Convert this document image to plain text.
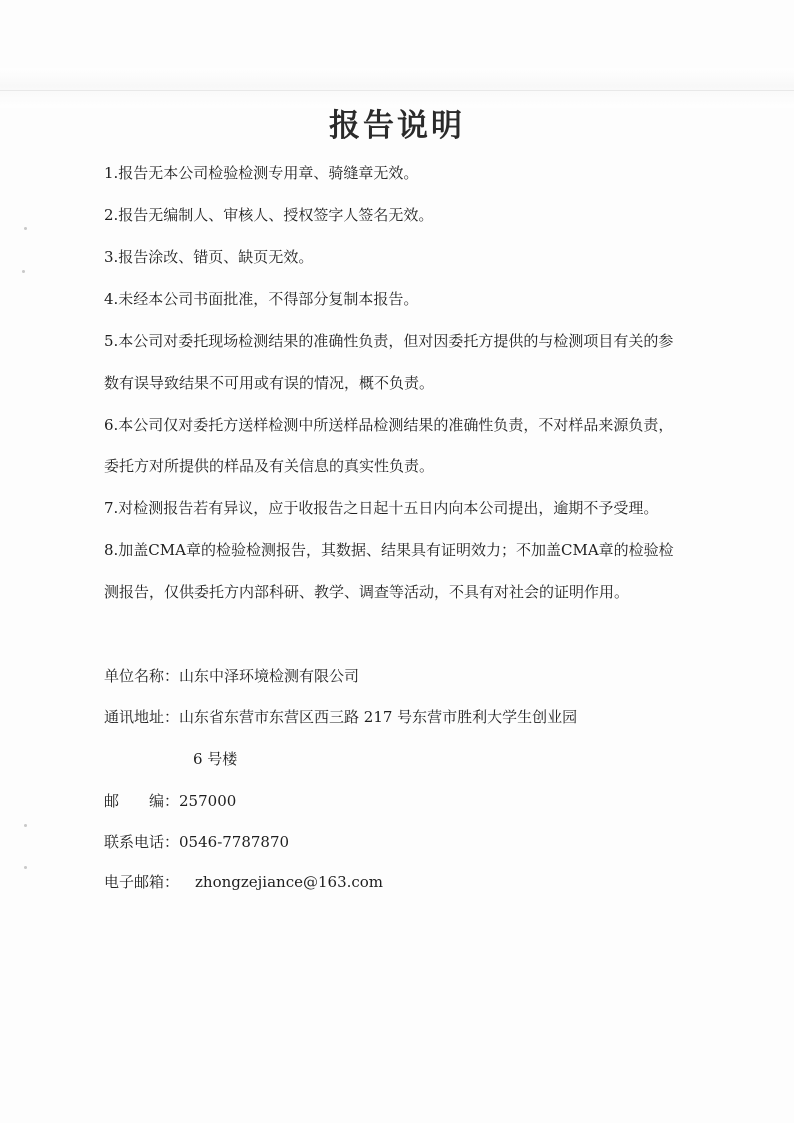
报告说明
1.报告无本公司检验检测专用章、骑缝章无效。
2.报告无编制人、审核人、授权签字人签名无效。
3.报告涂改、错页、缺页无效。
4.未经本公司书面批准，不得部分复制本报告。
5.本公司对委托现场检测结果的准确性负责，但对因委托方提供的与检测项目有关的参
数有误导致结果不可用或有误的情况，概不负责。
6.本公司仅对委托方送样检测中所送样品检测结果的准确性负责，不对样品来源负责，
委托方对所提供的样品及有关信息的真实性负责。
7.对检测报告若有异议，应于收报告之日起十五日内向本公司提出，逾期不予受理。
8.加盖CMA章的检验检测报告，其数据、结果具有证明效力；不加盖CMA章的检验检
测报告，仅供委托方内部科研、教学、调查等活动，不具有对社会的证明作用。
单位名称：山东中泽环境检测有限公司
通讯地址：山东省东营市东营区西三路 217 号东营市胜利大学生创业园
6 号楼
邮　　编：257000
联系电话：0546-7787870
电子邮箱： zhongzejiance@163.com
